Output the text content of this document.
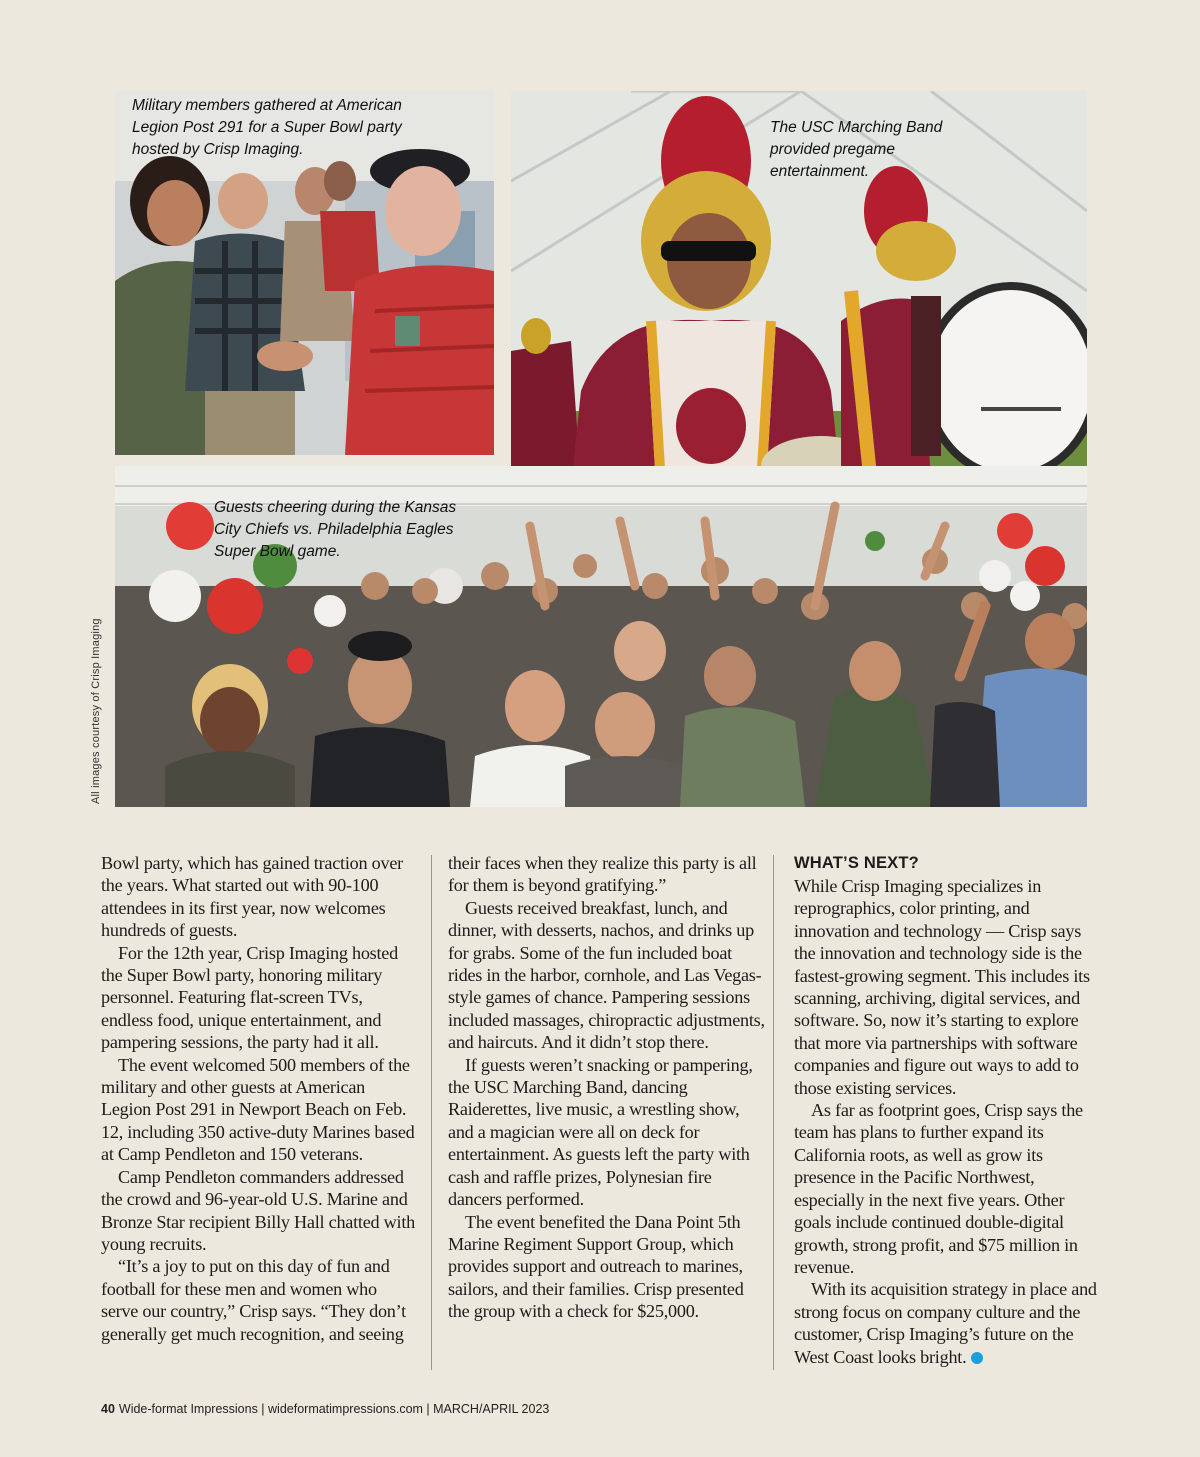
Military members gathered at American Legion Post 291 for a Super Bowl party hosted by Crisp Imaging.
The USC Marching Band provided pregame entertainment.
Guests cheering during the Kansas City Chiefs vs. Philadelphia Eagles Super Bowl game.
All images courtesy of Crisp Imaging

Bowl party, which has gained traction over the years. What started out with 90-100 attendees in its first year, now welcomes hundreds of guests.

For the 12th year, Crisp Imaging hosted the Super Bowl party, honoring military personnel. Featuring flat-screen TVs, endless food, unique entertainment, and pampering sessions, the party had it all.

The event welcomed 500 members of the military and other guests at American Legion Post 291 in Newport Beach on Feb. 12, including 350 active-duty Marines based at Camp Pendleton and 150 veterans.

Camp Pendleton commanders addressed the crowd and 96-year-old U.S. Marine and Bronze Star recipient Billy Hall chatted with young recruits.

“It’s a joy to put on this day of fun and football for these men and women who serve our country,” Crisp says. “They don’t generally get much recognition, and seeing

their faces when they realize this party is all for them is beyond gratifying.”

Guests received breakfast, lunch, and dinner, with desserts, nachos, and drinks up for grabs. Some of the fun included boat rides in the harbor, cornhole, and Las Vegas-style games of chance. Pampering sessions included massages, chiropractic adjustments, and haircuts. And it didn’t stop there.

If guests weren’t snacking or pampering, the USC Marching Band, dancing Raiderettes, live music, a wrestling show, and a magician were all on deck for entertainment. As guests left the party with cash and raffle prizes, Polynesian fire dancers performed.

The event benefited the Dana Point 5th Marine Regiment Support Group, which provides support and outreach to marines, sailors, and their families. Crisp presented the group with a check for $25,000.

WHAT’S NEXT?

While Crisp Imaging specializes in reprographics, color printing, and innovation and technology — Crisp says the innovation and technology side is the fastest-growing segment. This includes its scanning, archiving, digital services, and software. So, now it’s starting to explore that more via partnerships with software companies and figure out ways to add to those existing services.

As far as footprint goes, Crisp says the team has plans to further expand its California roots, as well as grow its presence in the Pacific Northwest, especially in the next five years. Other goals include continued double-digital growth, strong profit, and $75 million in revenue.

With its acquisition strategy in place and strong focus on company culture and the customer, Crisp Imaging’s future on the West Coast looks bright.

40 Wide-format Impressions | wideformatimpressions.com | MARCH/APRIL 2023
